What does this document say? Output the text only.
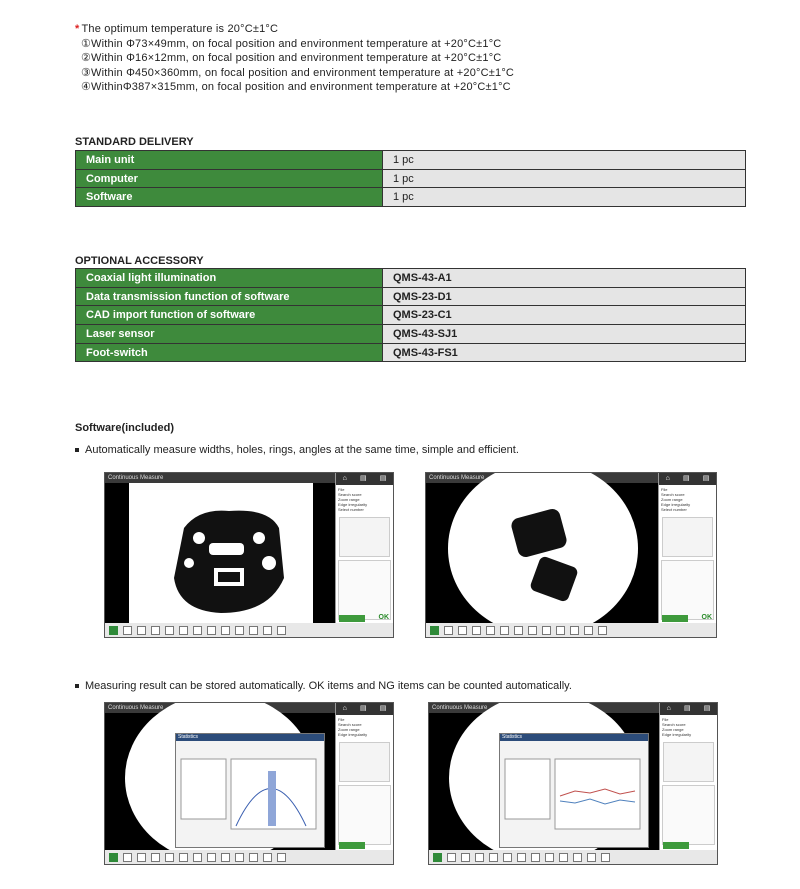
* The optimum temperature is 20°C±1°C
①Within Φ73×49mm, on focal position and environment temperature at +20°C±1°C
②Within Φ16×12mm, on focal position and environment temperature at +20°C±1°C
③Within Φ450×360mm, on focal position and environment temperature at +20°C±1°C
④WithinΦ387×315mm, on focal position and environment temperature at +20°C±1°C
STANDARD DELIVERY
Main unit	1 pc
Computer	1 pc
Software	1 pc
OPTIONAL ACCESSORY
Coaxial light illumination	QMS-43-A1
Data transmission function of software	QMS-23-D1
CAD import function of software	QMS-23-C1
Laser sensor	QMS-43-SJ1
Foot-switch	QMS-43-FS1
Software(included)
Automatically measure widths, holes, rings, angles at the same time, simple and efficient.
Continuous Measure	⌂ ▤ ▤
File
Search score
Zoom range
Edge irregularity
Select number
OK
Continuous Measure	⌂ ▤ ▤
File
Search score
Zoom range
Edge irregularity
Select number
OK
Measuring result can be stored automatically. OK items and NG items can be counted automatically.
Continuous Measure
Statistics
⌂ ▤ ▤
File
Search score
Zoom range
Edge irregularity
Continuous Measure
Statistics
⌂ ▤ ▤
File
Search score
Zoom range
Edge irregularity
